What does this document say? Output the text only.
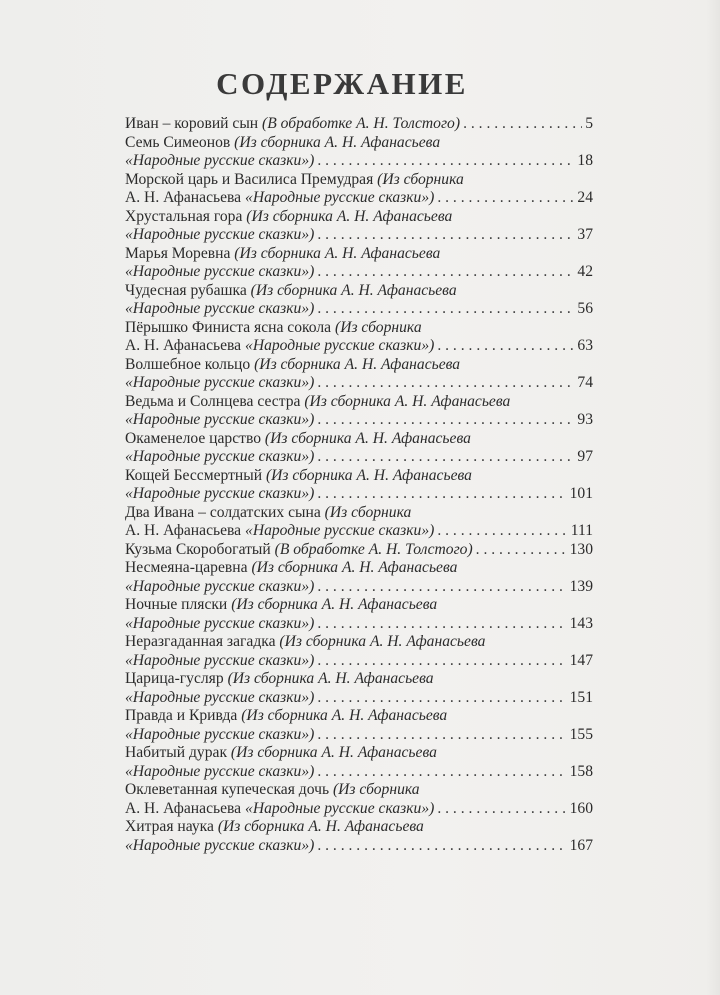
СОДЕРЖАНИЕ
Иван – коровий сын (В обработке А. Н. Толстого) . . .	5
Семь Симеонов (Из сборника А. Н. Афанасьева
«Народные русские сказки») . . .	18
Морской царь и Василиса Премудрая (Из сборника
А. Н. Афанасьева «Народные русские сказки») . . .	24
Хрустальная гора (Из сборника А. Н. Афанасьева
«Народные русские сказки») . . .	37
Марья Моревна (Из сборника А. Н. Афанасьева
«Народные русские сказки») . . .	42
Чудесная рубашка (Из сборника А. Н. Афанасьева
«Народные русские сказки») . . .	56
Пёрышко Финиста ясна сокола (Из сборника
А. Н. Афанасьева «Народные русские сказки») . . .	63
Волшебное кольцо (Из сборника А. Н. Афанасьева
«Народные русские сказки») . . .	74
Ведьма и Солнцева сестра (Из сборника А. Н. Афанасьева
«Народные русские сказки») . . .	93
Окаменелое царство (Из сборника А. Н. Афанасьева
«Народные русские сказки») . . .	97
Кощей Бессмертный (Из сборника А. Н. Афанасьева
«Народные русские сказки») . . .	101
Два Ивана – солдатских сына (Из сборника
А. Н. Афанасьева «Народные русские сказки») . . .	111
Кузьма Скоробогатый (В обработке А. Н. Толстого) . . .	130
Несмеяна-царевна (Из сборника А. Н. Афанасьева
«Народные русские сказки») . . .	139
Ночные пляски (Из сборника А. Н. Афанасьева
«Народные русские сказки») . . .	143
Неразгаданная загадка (Из сборника А. Н. Афанасьева
«Народные русские сказки») . . .	147
Царица-гусляр (Из сборника А. Н. Афанасьева
«Народные русские сказки») . . .	151
Правда и Кривда (Из сборника А. Н. Афанасьева
«Народные русские сказки») . . .	155
Набитый дурак (Из сборника А. Н. Афанасьева
«Народные русские сказки») . . .	158
Оклеветанная купеческая дочь (Из сборника
А. Н. Афанасьева «Народные русские сказки») . . .	160
Хитрая наука (Из сборника А. Н. Афанасьева
«Народные русские сказки») . . .	167
